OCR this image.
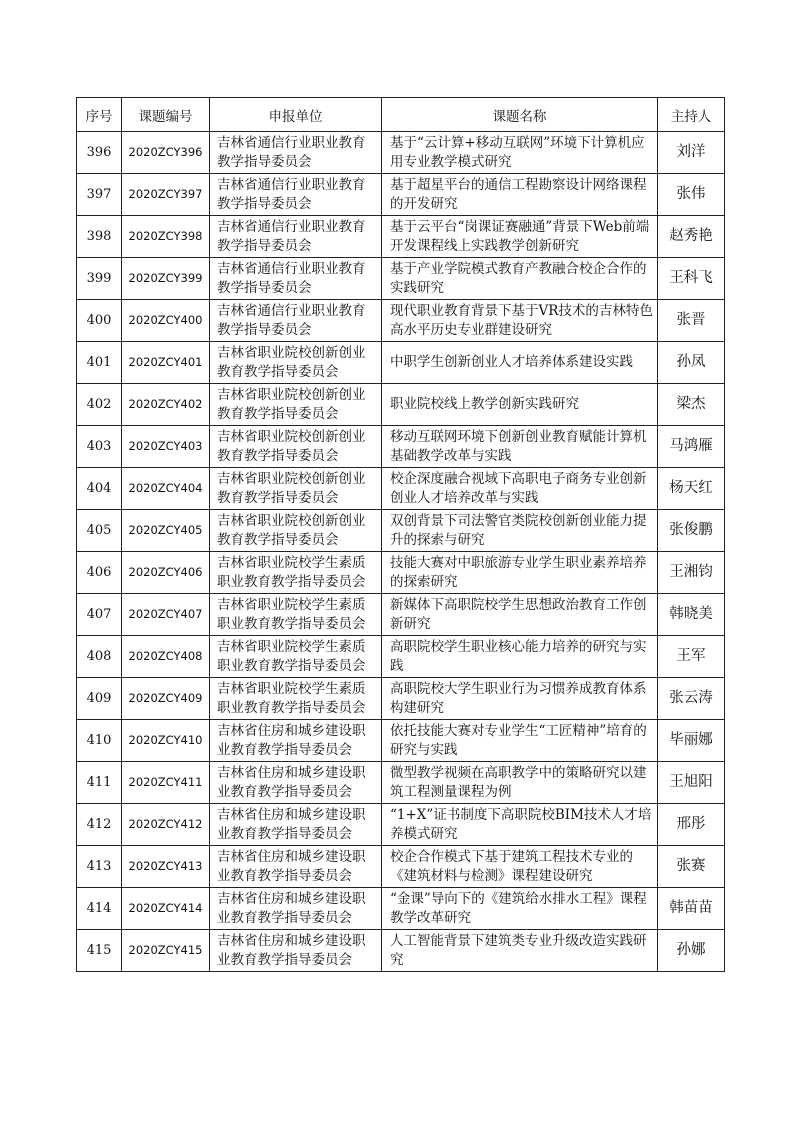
序号	课题编号	申报单位	课题名称	主持人
396	2020ZCY396	吉林省通信行业职业教育教学指导委员会	基于“云计算+移动互联网”环境下计算机应用专业教学模式研究	刘洋
397	2020ZCY397	吉林省通信行业职业教育教学指导委员会	基于超星平台的通信工程勘察设计网络课程的开发研究	张伟
398	2020ZCY398	吉林省通信行业职业教育教学指导委员会	基于云平台“岗课证赛融通”背景下Web前端开发课程线上实践教学创新研究	赵秀艳
399	2020ZCY399	吉林省通信行业职业教育教学指导委员会	基于产业学院模式教育产教融合校企合作的实践研究	王科飞
400	2020ZCY400	吉林省通信行业职业教育教学指导委员会	现代职业教育背景下基于VR技术的吉林特色高水平历史专业群建设研究	张晋
401	2020ZCY401	吉林省职业院校创新创业教育教学指导委员会	中职学生创新创业人才培养体系建设实践	孙凤
402	2020ZCY402	吉林省职业院校创新创业教育教学指导委员会	职业院校线上教学创新实践研究	梁杰
403	2020ZCY403	吉林省职业院校创新创业教育教学指导委员会	移动互联网环境下创新创业教育赋能计算机基础教学改革与实践	马鸿雁
404	2020ZCY404	吉林省职业院校创新创业教育教学指导委员会	校企深度融合视域下高职电子商务专业创新创业人才培养改革与实践	杨天红
405	2020ZCY405	吉林省职业院校创新创业教育教学指导委员会	双创背景下司法警官类院校创新创业能力提升的探索与研究	张俊鹏
406	2020ZCY406	吉林省职业院校学生素质职业教育教学指导委员会	技能大赛对中职旅游专业学生职业素养培养的探索研究	王湘钧
407	2020ZCY407	吉林省职业院校学生素质职业教育教学指导委员会	新媒体下高职院校学生思想政治教育工作创新研究	韩晓美
408	2020ZCY408	吉林省职业院校学生素质职业教育教学指导委员会	高职院校学生职业核心能力培养的研究与实践	王军
409	2020ZCY409	吉林省职业院校学生素质职业教育教学指导委员会	高职院校大学生职业行为习惯养成教育体系构建研究	张云涛
410	2020ZCY410	吉林省住房和城乡建设职业教育教学指导委员会	依托技能大赛对专业学生“工匠精神”培育的研究与实践	毕丽娜
411	2020ZCY411	吉林省住房和城乡建设职业教育教学指导委员会	微型教学视频在高职教学中的策略研究以建筑工程测量课程为例	王旭阳
412	2020ZCY412	吉林省住房和城乡建设职业教育教学指导委员会	“1+X”证书制度下高职院校BIM技术人才培养模式研究	邢彤
413	2020ZCY413	吉林省住房和城乡建设职业教育教学指导委员会	校企合作模式下基于建筑工程技术专业的《建筑材料与检测》课程建设研究	张赛
414	2020ZCY414	吉林省住房和城乡建设职业教育教学指导委员会	“金课”导向下的《建筑给水排水工程》课程教学改革研究	韩苗苗
415	2020ZCY415	吉林省住房和城乡建设职业教育教学指导委员会	人工智能背景下建筑类专业升级改造实践研究	孙娜
